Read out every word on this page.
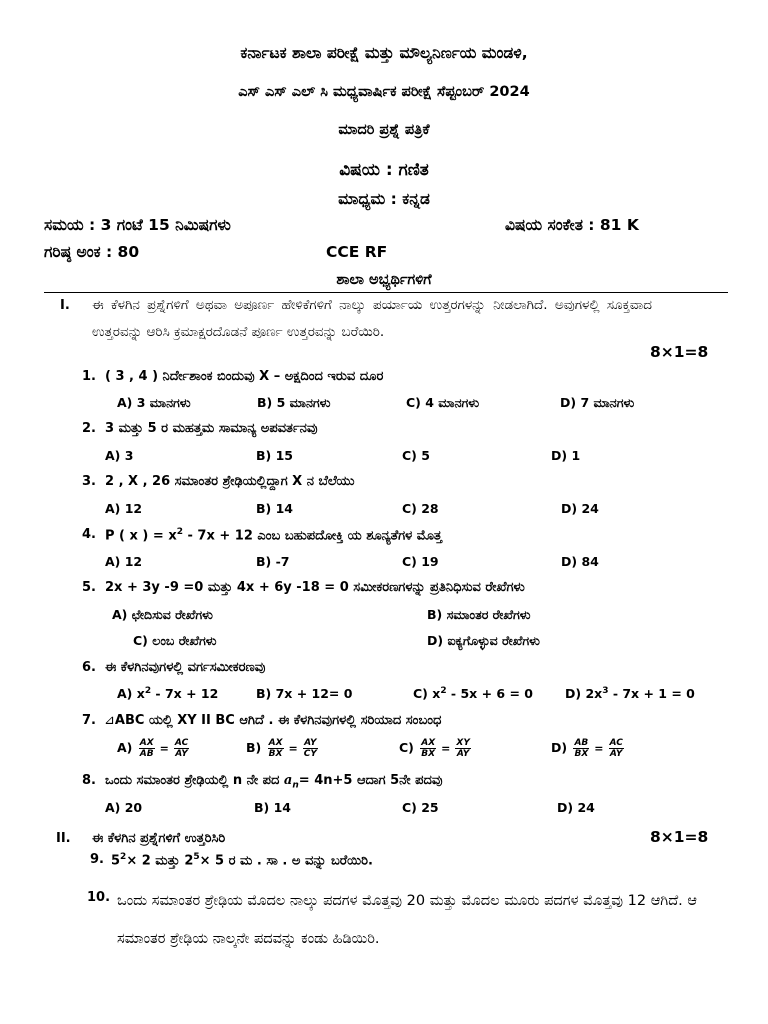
ಕರ್ನಾಟಕ ಶಾಲಾ ಪರೀಕ್ಷೆ ಮತ್ತು ಮೌಲ್ಯನಿರ್ಣಯ ಮಂಡಳಿ,
ಎಸ್ ಎಸ್ ಎಲ್ ಸಿ ಮಧ್ಯವಾರ್ಷಿಕ ಪರೀಕ್ಷೆ ಸೆಪ್ಟಂಬರ್ 2024
ಮಾದರಿ ಪ್ರಶ್ನೆ ಪತ್ರಿಕೆ
ವಿಷಯ : ಗಣಿತ
ಮಾಧ್ಯಮ : ಕನ್ನಡ
ಸಮಯ : 3 ಗಂಟೆ 15 ನಿಮಿಷಗಳು	ವಿಷಯ ಸಂಕೇತ : 81 K
ಗರಿಷ್ಠ ಅಂಕ : 80	CCE RF
ಶಾಲಾ ಅಭ್ಯರ್ಥಿಗಳಿಗೆ
I. ಈ ಕೆಳಗಿನ ಪ್ರಶ್ನೆಗಳಿಗೆ ಅಥವಾ ಅಪೂರ್ಣ ಹೇಳಿಕೆಗಳಿಗೆ ನಾಲ್ಕು ಪರ್ಯಾಯ ಉತ್ತರಗಳನ್ನು ನೀಡಲಾಗಿದೆ. ಅವುಗಳಲ್ಲಿ ಸೂಕ್ತವಾದ ಉತ್ತರವನ್ನು ಆರಿಸಿ ಕ್ರಮಾಕ್ಷರದೊಡನೆ ಪೂರ್ಣ ಉತ್ತರವನ್ನು ಬರೆಯಿರಿ.
8×1=8
1. ( 3 , 4 ) ನಿರ್ದೇಶಾಂಕ ಬಿಂದುವು X – ಅಕ್ಷದಿಂದ ಇರುವ ದೂರ
A) 3 ಮಾನಗಳು	B) 5 ಮಾನಗಳು	C) 4 ಮಾನಗಳು	D) 7 ಮಾನಗಳು
2. 3 ಮತ್ತು 5 ರ ಮಹತ್ತಮ ಸಾಮಾನ್ಯ ಅಪವರ್ತನವು
A) 3	B) 15	C) 5	D) 1
3. 2 , X , 26 ಸಮಾಂತರ ಶ್ರೇಢಿಯಲ್ಲಿದ್ದಾಗ X ನ ಬೆಲೆಯು
A) 12	B) 14	C) 28	D) 24
4. P ( x ) = $x^2 - 7x + 12$ ಎಂಬ ಬಹುಪದೋಕ್ತಿ ಯ ಶೂನ್ಯತೆಗಳ ಮೊತ್ತ
A) 12	B) -7	C) 19	D) 84
5. 2x + 3y -9 =0 ಮತ್ತು 4x + 6y -18 = 0 ಸಮೀಕರಣಗಳನ್ನು ಪ್ರತಿನಿಧಿಸುವ ರೇಖೆಗಳು
A) ಛೇದಿಸುವ ರೇಖೆಗಳು	B) ಸಮಾಂತರ ರೇಖೆಗಳು
C) ಲಂಬ ರೇಖೆಗಳು	D) ಐಕ್ಯಗೊಳ್ಳುವ ರೇಖೆಗಳು
6. ಈ ಕೆಳಗಿನವುಗಳಲ್ಲಿ ವರ್ಗಸಮೀಕರಣವು
A) $x^2 - 7x + 12$	B) 7x + 12= 0	C) $x^2 - 5x + 6 = 0$	D) $2x^3 - 7x + 1 = 0$
7. ⊿ABC ಯಲ್ಲಿ XY II BC ಆಗಿದೆ . ಈ ಕೆಳಗಿನವುಗಳಲ್ಲಿ ಸರಿಯಾದ ಸಂಬಂಧ
$A) \frac{AX}{AB} = \frac{AC}{AY}$	$B) \frac{AX}{BX} = \frac{AY}{CY}$	$C) \frac{AX}{BX} = \frac{XY}{AY}$	$D) \frac{AB}{BX} = \frac{AC}{AY}$
8. ಒಂದು ಸಮಾಂತರ ಶ್ರೇಢಿಯಲ್ಲಿ n ನೇ ಪದ $a_n= 4n+5$ ಆದಾಗ 5ನೇ ಪದವು
A) 20	B) 14	C) 25	D) 24
II. ಈ ಕೆಳಗಿನ ಪ್ರಶ್ನೆಗಳಿಗೆ ಉತ್ತರಿಸಿರಿ	8×1=8
9. $5^2\times 2$ ಮತ್ತು $2^5\times 5$ ರ ಮ . ಸಾ . ಅ ವನ್ನು ಬರೆಯಿರಿ.
10. ಒಂದು ಸಮಾಂತರ ಶ್ರೇಢಿಯ ಮೊದಲ ನಾಲ್ಕು ಪದಗಳ ಮೊತ್ತವು 20 ಮತ್ತು ಮೊದಲ ಮೂರು ಪದಗಳ ಮೊತ್ತವು 12 ಆಗಿದೆ. ಆ ಸಮಾಂತರ ಶ್ರೇಢಿಯ ನಾಲ್ಕನೇ ಪದವನ್ನು ಕಂಡು ಹಿಡಿಯಿರಿ.
